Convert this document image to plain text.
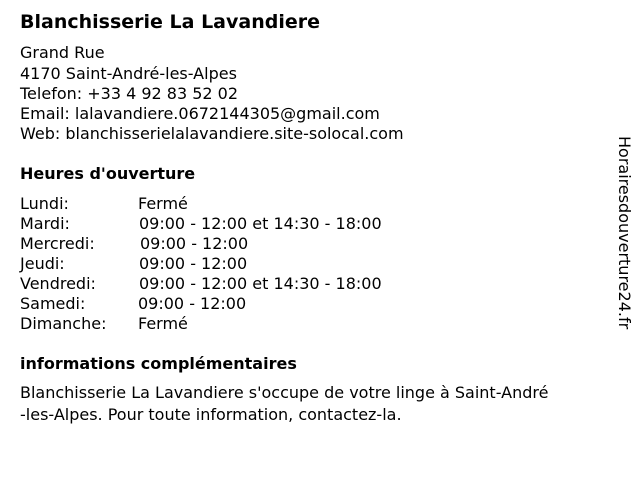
Blanchisserie La Lavandiere
Grand Rue
4170 Saint-André-les-Alpes
Telefon: +33 4 92 83 52 02
Email: lalavandiere.0672144305@gmail.com
Web: blanchisserielalavandiere.site-solocal.com
Heures d'ouverture
Lundi:	Fermé
Mardi:	09:00 - 12:00 et 14:30 - 18:00
Mercredi:	09:00 - 12:00
Jeudi:	09:00 - 12:00
Vendredi:	09:00 - 12:00 et 14:30 - 18:00
Samedi:	09:00 - 12:00
Dimanche: Fermé
informations complémentaires
Blanchisserie La Lavandiere s'occupe de votre linge à Saint-André
-les-Alpes. Pour toute information, contactez-la.
Horairesdouverture24.fr
